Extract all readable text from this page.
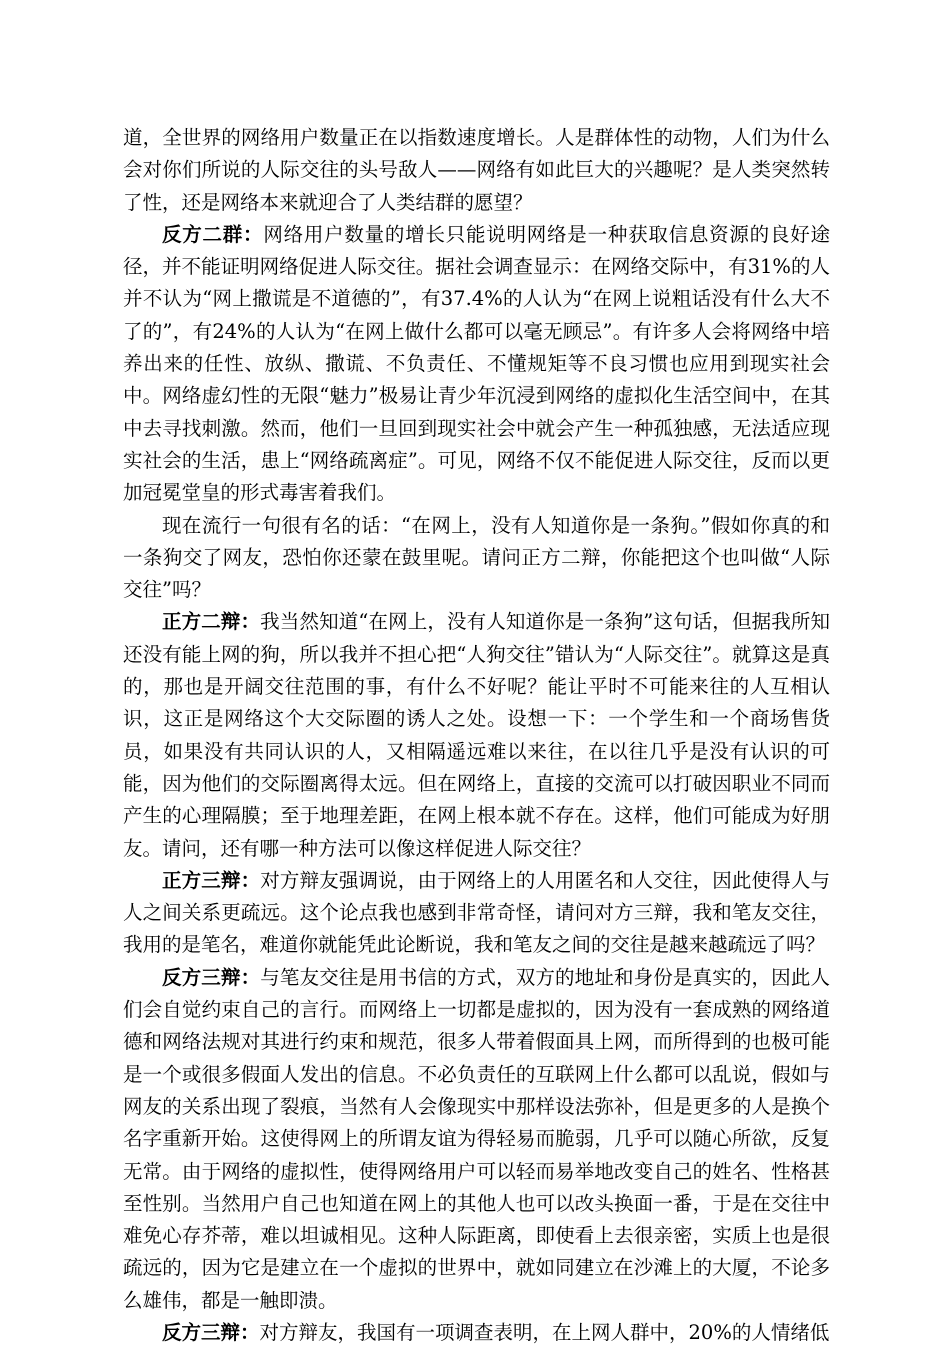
道，全世界的网络用户数量正在以指数速度增长。人是群体性的动物，人们为什么会对你们所说的人际交往的头号敌人——网络有如此巨大的兴趣呢？是人类突然转了性，还是网络本来就迎合了人类结群的愿望？

反方二群：网络用户数量的增长只能说明网络是一种获取信息资源的良好途径，并不能证明网络促进人际交往。据社会调查显示：在网络交际中，有31%的人并不认为“网上撒谎是不道德的”，有37.4%的人认为“在网上说粗话没有什么大不了的”，有24%的人认为“在网上做什么都可以毫无顾忌”。有许多人会将网络中培养出来的任性、放纵、撒谎、不负责任、不懂规矩等不良习惯也应用到现实社会中。网络虚幻性的无限“魅力”极易让青少年沉浸到网络的虚拟化生活空间中，在其中去寻找刺激。然而，他们一旦回到现实社会中就会产生一种孤独感，无法适应现实社会的生活，患上“网络疏离症”。可见，网络不仅不能促进人际交往，反而以更加冠冕堂皇的形式毒害着我们。

现在流行一句很有名的话：“在网上，没有人知道你是一条狗。”假如你真的和一条狗交了网友，恐怕你还蒙在鼓里呢。请问正方二辩，你能把这个也叫做“人际交往”吗？

正方二辩：我当然知道“在网上，没有人知道你是一条狗”这句话，但据我所知还没有能上网的狗，所以我并不担心把“人狗交往”错认为“人际交往”。就算这是真的，那也是开阔交往范围的事，有什么不好呢？能让平时不可能来往的人互相认识，这正是网络这个大交际圈的诱人之处。设想一下：一个学生和一个商场售货员，如果没有共同认识的人，又相隔遥远难以来往，在以往几乎是没有认识的可能，因为他们的交际圈离得太远。但在网络上，直接的交流可以打破因职业不同而产生的心理隔膜；至于地理差距，在网上根本就不存在。这样，他们可能成为好朋友。请问，还有哪一种方法可以像这样促进人际交往？

正方三辩：对方辩友强调说，由于网络上的人用匿名和人交往，因此使得人与人之间关系更疏远。这个论点我也感到非常奇怪，请问对方三辩，我和笔友交往，我用的是笔名，难道你就能凭此论断说，我和笔友之间的交往是越来越疏远了吗？

反方三辩：与笔友交往是用书信的方式，双方的地址和身份是真实的，因此人们会自觉约束自己的言行。而网络上一切都是虚拟的，因为没有一套成熟的网络道德和网络法规对其进行约束和规范，很多人带着假面具上网，而所得到的也极可能是一个或很多假面人发出的信息。不必负责任的互联网上什么都可以乱说，假如与网友的关系出现了裂痕，当然有人会像现实中那样设法弥补，但是更多的人是换个名字重新开始。这使得网上的所谓友谊为得轻易而脆弱，几乎可以随心所欲，反复无常。由于网络的虚拟性，使得网络用户可以轻而易举地改变自己的姓名、性格甚至性别。当然用户自己也知道在网上的其他人也可以改头换面一番，于是在交往中难免心存芥蒂，难以坦诚相见。这种人际距离，即使看上去很亲密，实质上也是很疏远的，因为它是建立在一个虚拟的世界中，就如同建立在沙滩上的大厦，不论多么雄伟，都是一触即溃。

反方三辩：对方辩友，我国有一项调查表明，在上网人群中，20%的人情绪低
